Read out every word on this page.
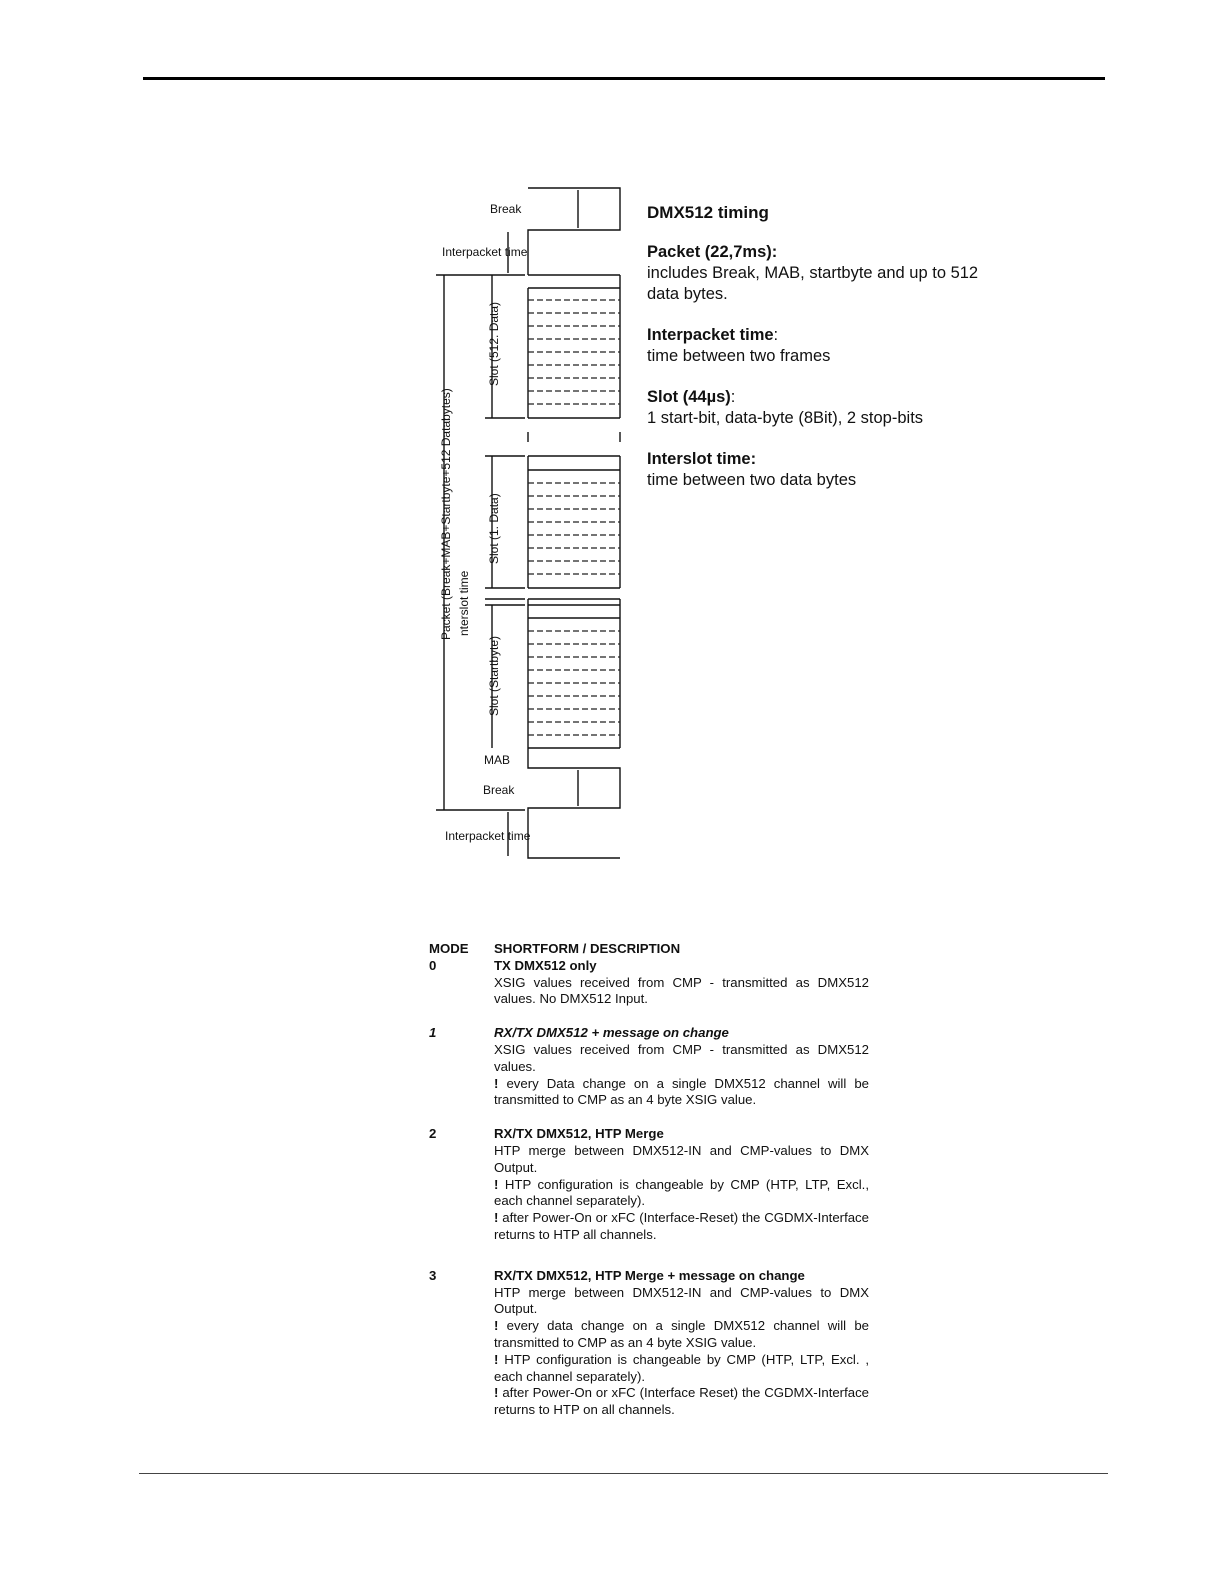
Break
Interpacket time
Slot (512. Data)
Slot (1. Data)
Slot (Startbyte)
Packet (Break+MAB+Startbyte+512 Databytes) nterslot time
MAB
Break
Interpacket time
DMX512 timing
Packet (22,7ms):
includes Break, MAB, startbyte and up to 512 data bytes.
Interpacket time:
time between two frames
Slot (44µs):
1 start-bit, data-byte (8Bit), 2 stop-bits
Interslot time:
time between two data bytes
MODE	SHORTFORM / DESCRIPTION
0	TX DMX512 only
XSIG values received from CMP - transmitted as DMX512 values. No DMX512 Input.
1	RX/TX DMX512 + message on change
XSIG values received from CMP - transmitted as DMX512 values.
! every Data change on a single DMX512 channel will be transmitted to CMP as an 4 byte XSIG value.
2	RX/TX DMX512, HTP Merge
HTP merge between DMX512-IN and CMP-values to DMX Output.
! HTP configuration is changeable by CMP (HTP, LTP, Excl., each channel separately).
! after Power-On or xFC (Interface-Reset) the CGDMX-Interface returns to HTP all channels.
3	RX/TX DMX512, HTP Merge + message on change
HTP merge between DMX512-IN and CMP-values to DMX Output.
! every data change on a single DMX512 channel will be transmitted to CMP as an 4 byte XSIG value.
! HTP configuration is changeable by CMP (HTP, LTP, Excl. , each channel separately).
! after Power-On or xFC (Interface Reset) the CGDMX-Interface returns to HTP on all channels.
